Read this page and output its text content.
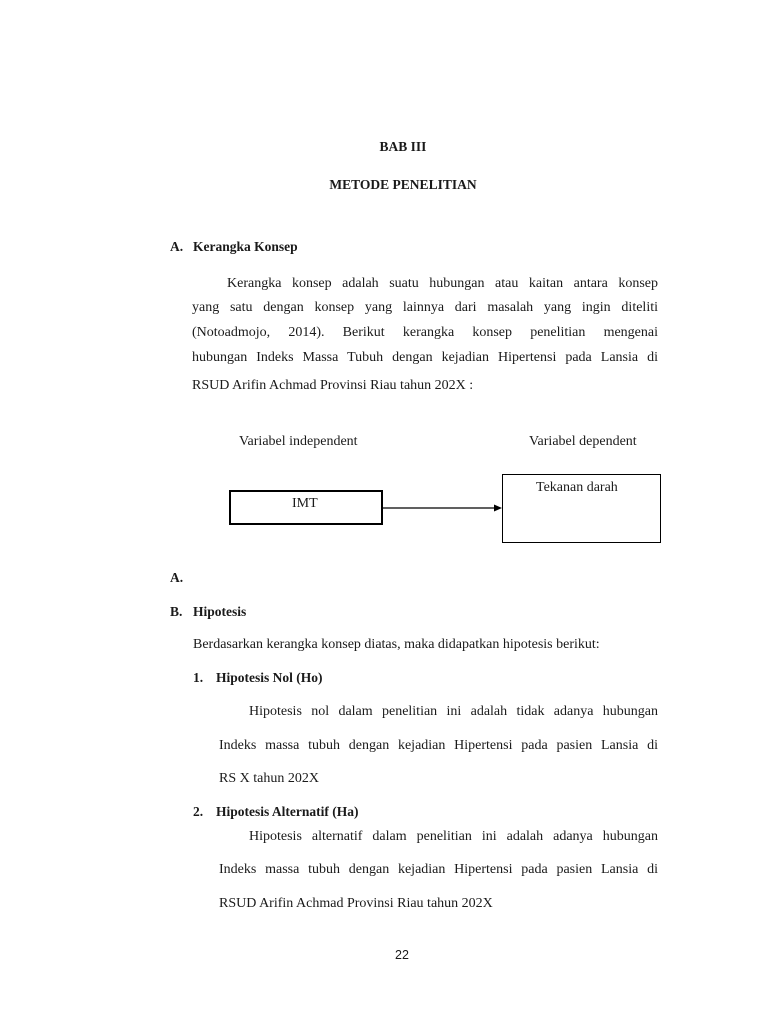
BAB III
METODE PENELITIAN
A. Kerangka Konsep
Kerangka konsep adalah suatu hubungan atau kaitan antara konsep
yang satu dengan konsep yang lainnya dari masalah yang ingin diteliti
(Notoadmojo, 2014). Berikut kerangka konsep penelitian mengenai
hubungan Indeks Massa Tubuh dengan kejadian Hipertensi pada Lansia di
RSUD Arifin Achmad Provinsi Riau tahun 202X :
Variabel independent	Variabel dependent
IMT
Tekanan darah
A.
B. Hipotesis
Berdasarkan kerangka konsep diatas, maka didapatkan hipotesis berikut:
1. Hipotesis Nol (Ho)
Hipotesis nol dalam penelitian ini adalah tidak adanya hubungan
Indeks massa tubuh dengan kejadian Hipertensi pada pasien Lansia di
RS X tahun 202X
2. Hipotesis Alternatif (Ha)
Hipotesis alternatif dalam penelitian ini adalah adanya hubungan
Indeks massa tubuh dengan kejadian Hipertensi pada pasien Lansia di
RSUD Arifin Achmad Provinsi Riau tahun 202X
22
